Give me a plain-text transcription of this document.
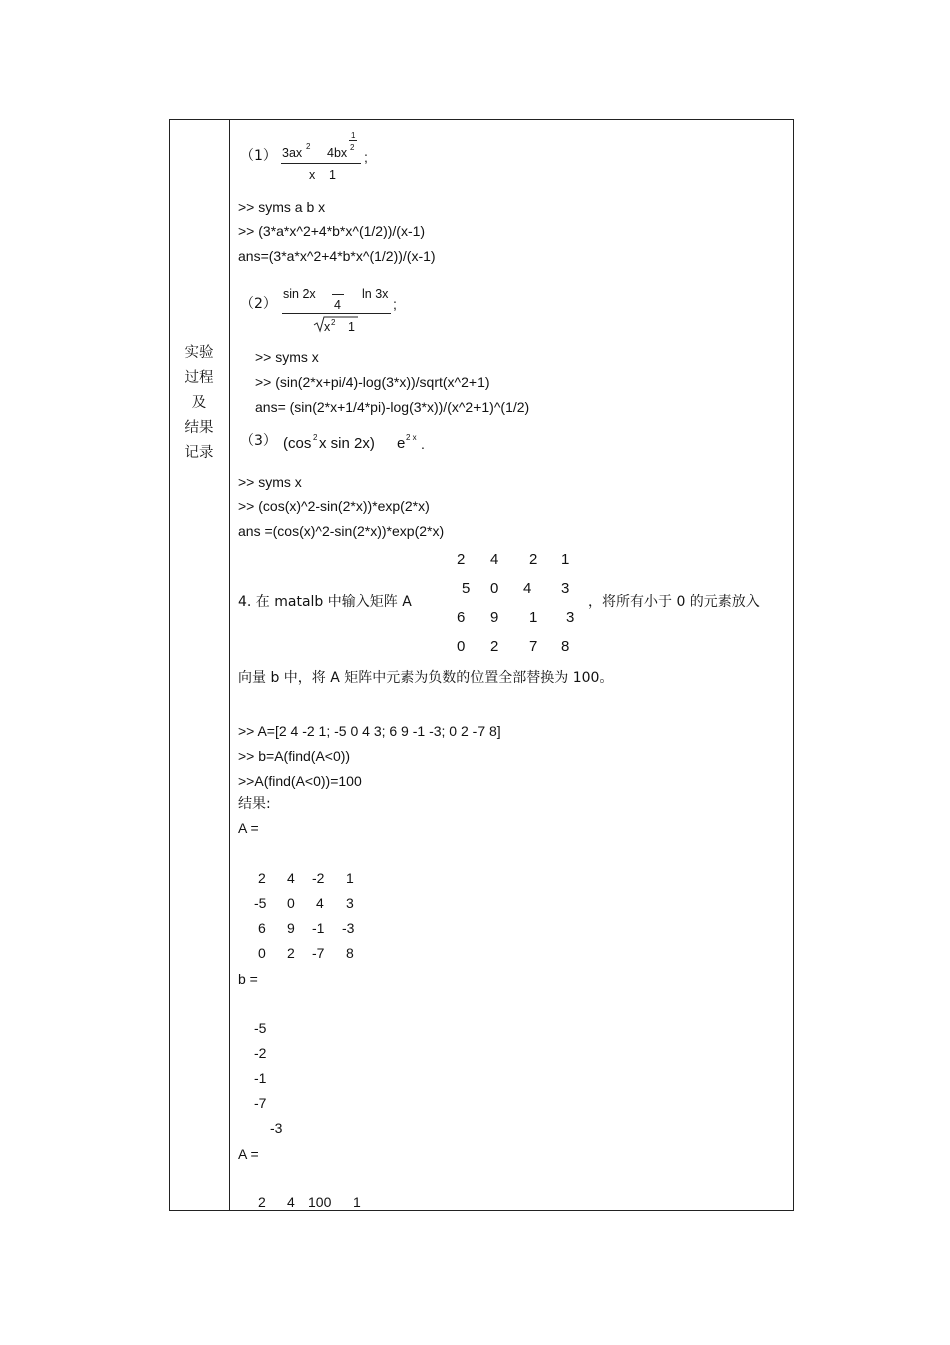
实验
过程
及
结果
记录
（1） 3ax 2 4bx
1
2
;
x 1
>> syms a b x
>> (3*a*x^2+4*b*x^(1/2))/(x-1)
ans=(3*a*x^2+4*b*x^(1/2))/(x-1)
（2）
sin 2x
4
ln 3x
;
x 2 1
>> syms x
>> (sin(2*x+pi/4)-log(3*x))/sqrt(x^2+1)
ans= (sin(2*x+1/4*pi)-log(3*x))/(x^2+1)^(1/2)
（3） (cos 2 x sin 2x) e 2 x .
>> syms x
>> (cos(x)^2-sin(2*x))*exp(2*x)
ans =(cos(x)^2-sin(2*x))*exp(2*x)
4. 在 matalb 中输入矩阵 A
2 4 2 1
5 0 4 3
6 9 1 3
0 2 7 8
，将所有小于 0 的元素放入
向量 b 中，将 A 矩阵中元素为负数的位置全部替换为 100。
>> A=[2 4 -2 1; -5 0 4 3; 6 9 -1 -3; 0 2 -7 8]
>> b=A(find(A<0))
>>A(find(A<0))=100
结果:
A =
2 4 -2 1
-5 0 4 3
6 9 -1 -3
0 2 -7 8
b =
-5
-2
-1
-7
-3
A =
2 4 100 1
